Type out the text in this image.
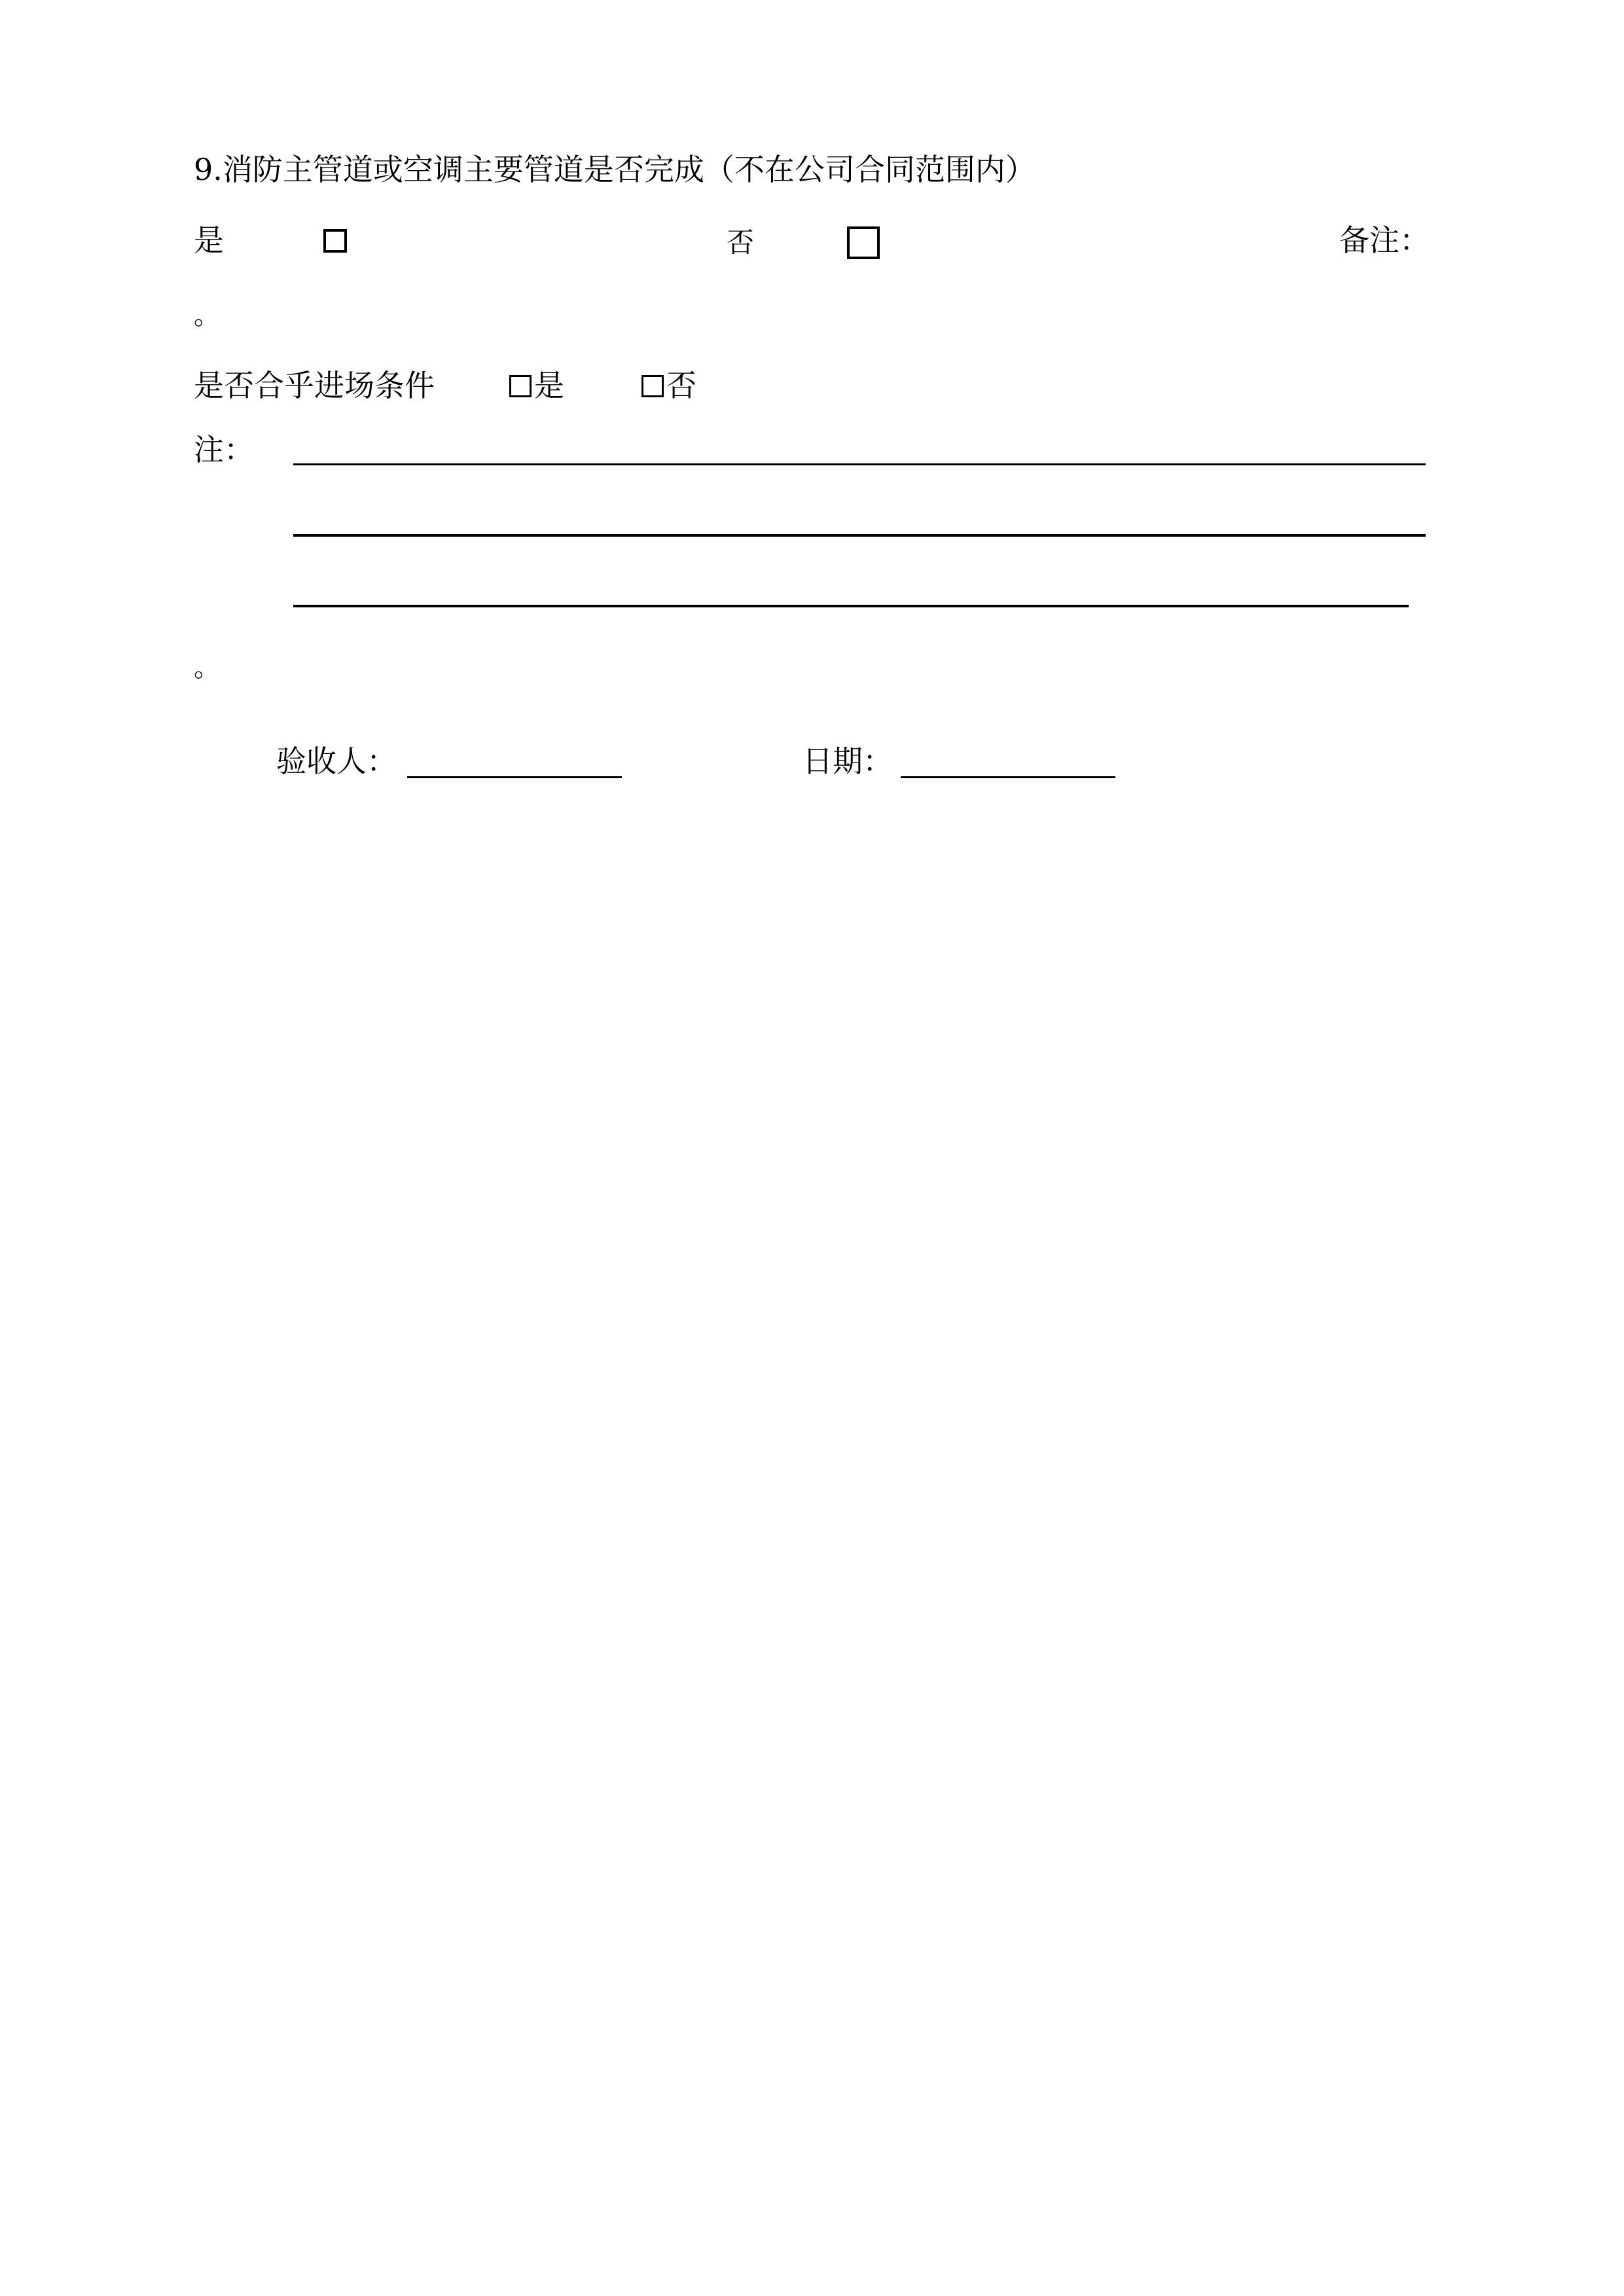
9.消防主管道或空调主要管道是否完成（不在公司合同范围内）
是	否	备注：
。
是否合乎进场条件	是	否
注：
。
验收人：	日期：
